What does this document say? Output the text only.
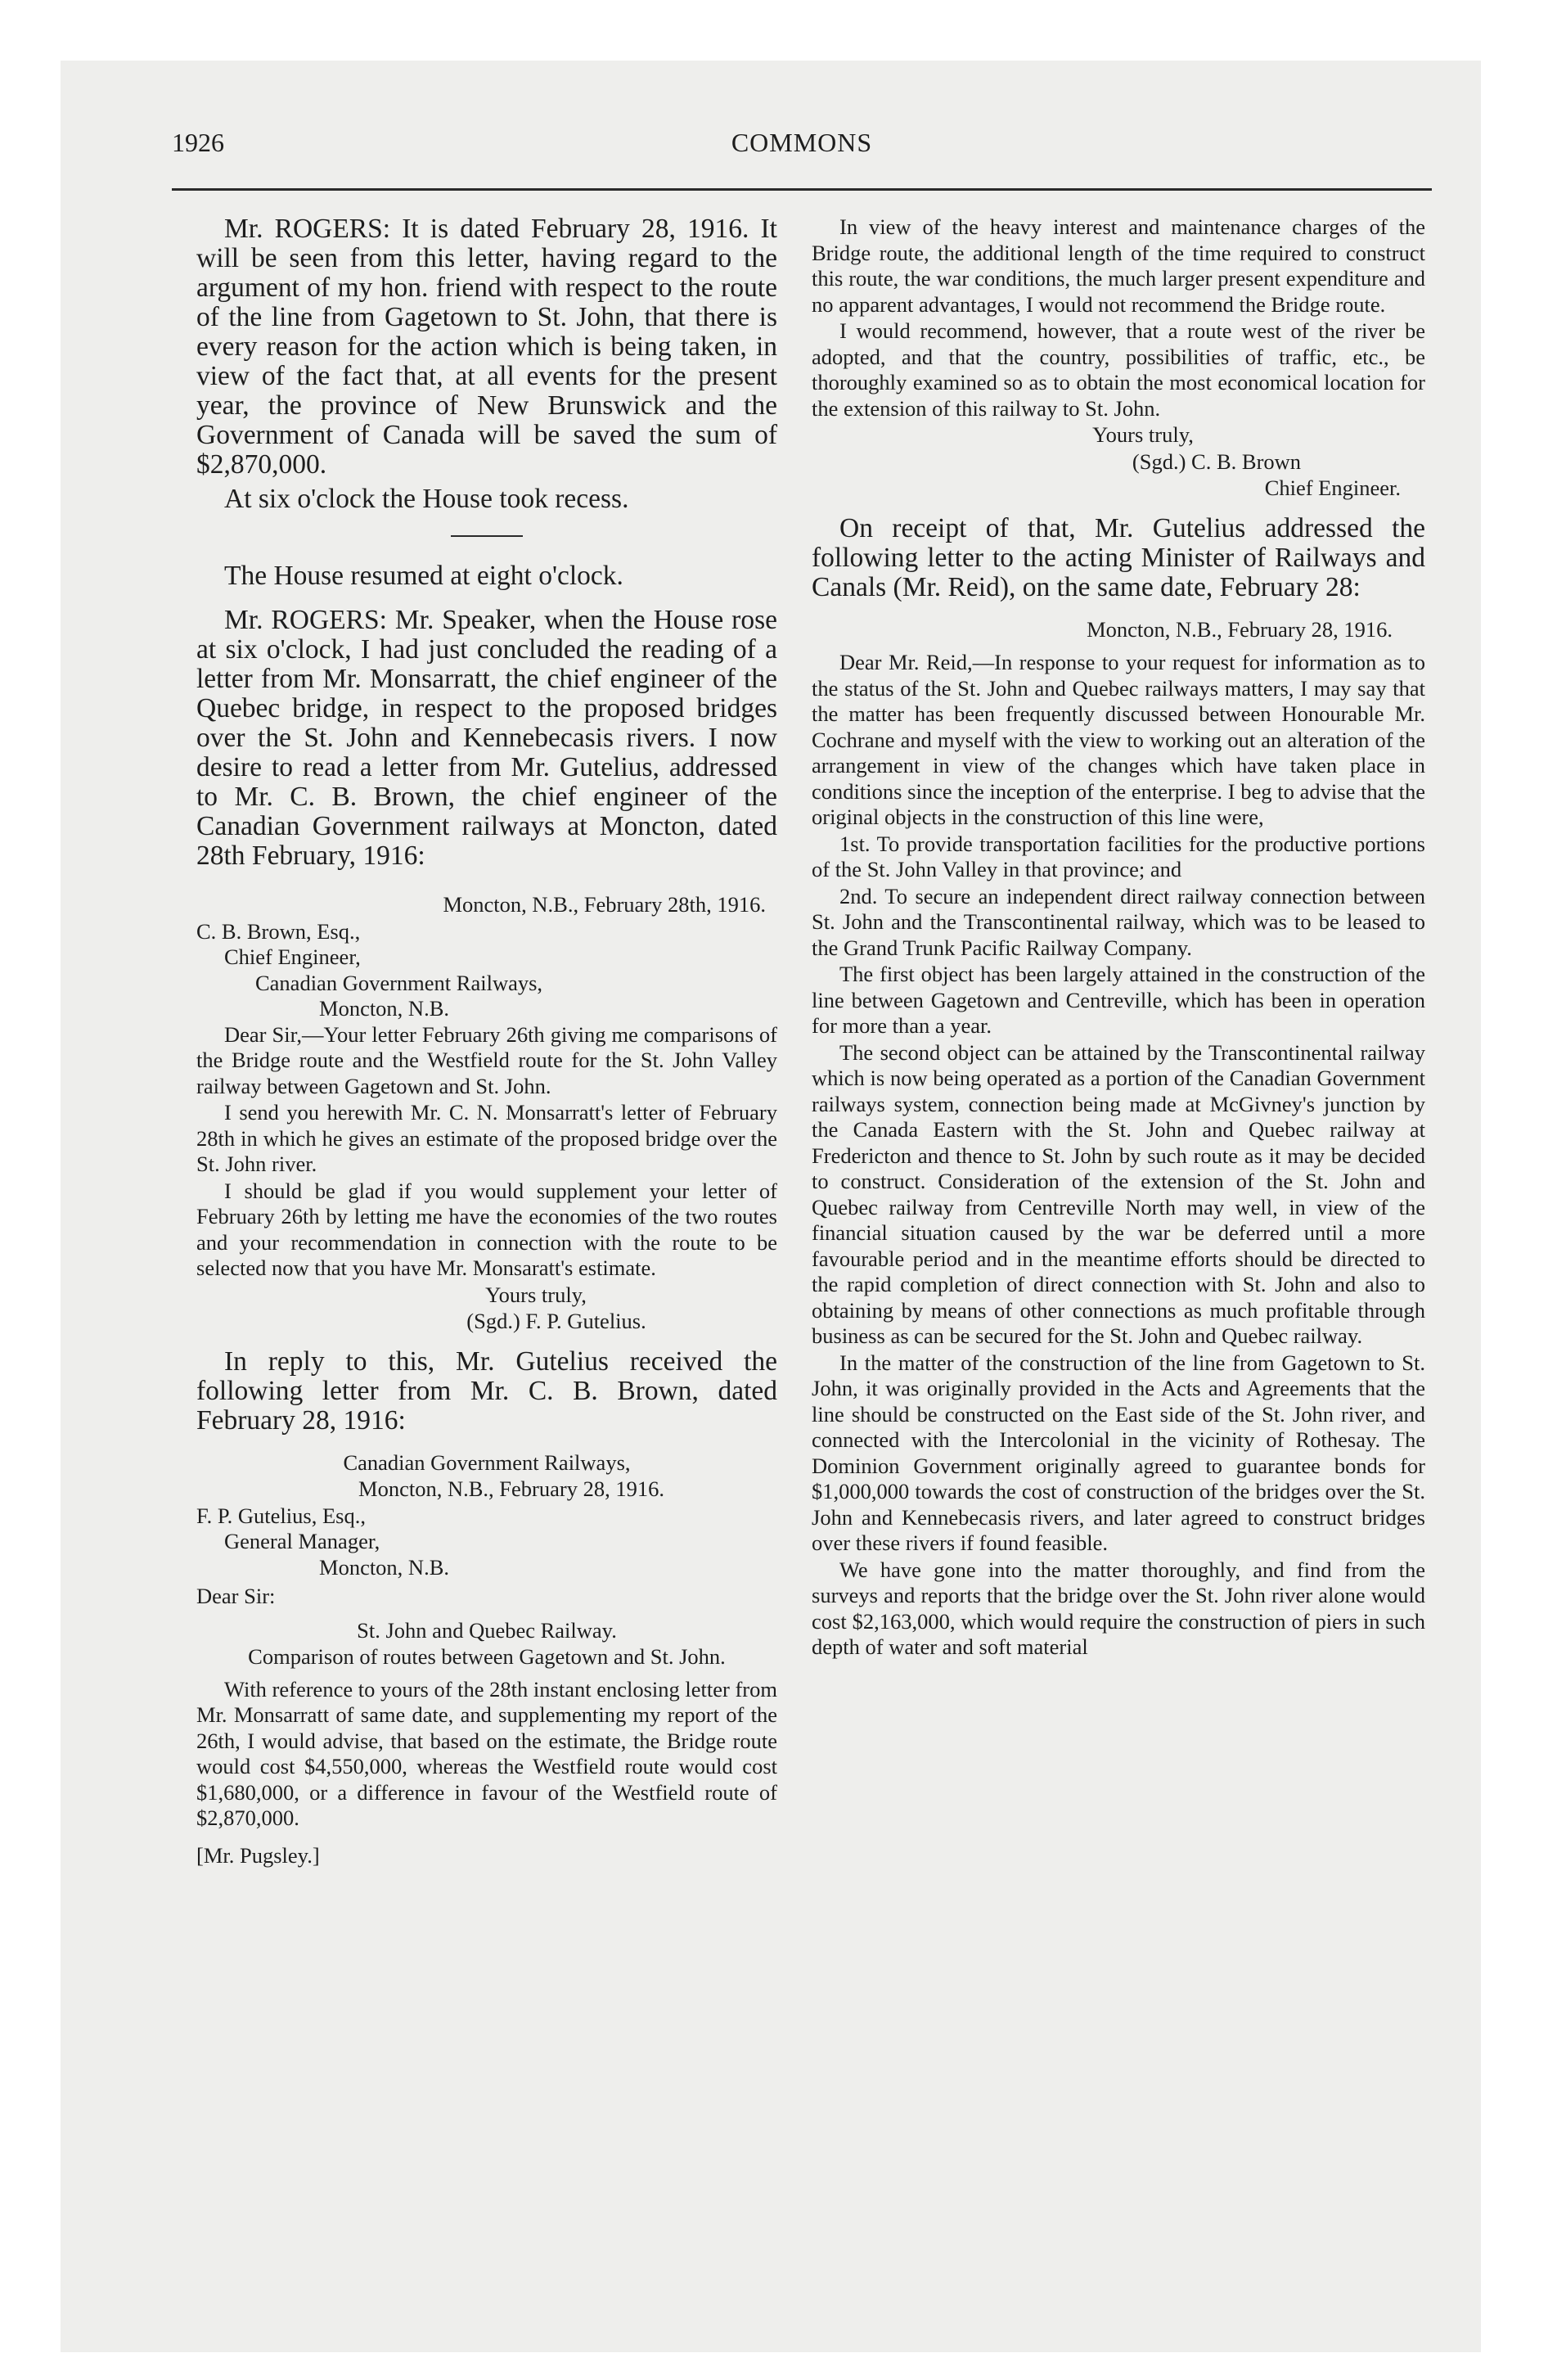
1926	COMMONS

Mr. ROGERS: It is dated February 28, 1916. It will be seen from this letter, having regard to the argument of my hon. friend with respect to the route of the line from Gagetown to St. John, that there is every reason for the action which is being taken, in view of the fact that, at all events for the present year, the province of New Brunswick and the Government of Canada will be saved the sum of $2,870,000.

At six o'clock the House took recess.

The House resumed at eight o'clock.

Mr. ROGERS: Mr. Speaker, when the House rose at six o'clock, I had just concluded the reading of a letter from Mr. Monsarratt, the chief engineer of the Quebec bridge, in respect to the proposed bridges over the St. John and Kennebecasis rivers. I now desire to read a letter from Mr. Gutelius, addressed to Mr. C. B. Brown, the chief engineer of the Canadian Government railways at Moncton, dated 28th February, 1916:

Moncton, N.B., February 28th, 1916.

C. B. Brown, Esq.,
Chief Engineer,
Canadian Government Railways,
Moncton, N.B.

Dear Sir,—Your letter February 26th giving me comparisons of the Bridge route and the Westfield route for the St. John Valley railway between Gagetown and St. John.

I send you herewith Mr. C. N. Monsarratt's letter of February 28th in which he gives an estimate of the proposed bridge over the St. John river.

I should be glad if you would supplement your letter of February 26th by letting me have the economies of the two routes and your recommendation in connection with the route to be selected now that you have Mr. Monsaratt's estimate.

Yours truly,

(Sgd.) F. P. Gutelius.

In reply to this, Mr. Gutelius received the following letter from Mr. C. B. Brown, dated February 28, 1916:

Canadian Government Railways,

Moncton, N.B., February 28, 1916.

F. P. Gutelius, Esq.,
General Manager,
Moncton, N.B.

Dear Sir:

St. John and Quebec Railway.

Comparison of routes between Gagetown and St. John.

With reference to yours of the 28th instant enclosing letter from Mr. Monsarratt of same date, and supplementing my report of the 26th, I would advise, that based on the estimate, the Bridge route would cost $4,550,000, whereas the Westfield route would cost $1,680,000, or a difference in favour of the Westfield route of $2,870,000.

[Mr. Pugsley.]

In view of the heavy interest and maintenance charges of the Bridge route, the additional length of the time required to construct this route, the war conditions, the much larger present expenditure and no apparent advantages, I would not recommend the Bridge route.

I would recommend, however, that a route west of the river be adopted, and that the country, possibilities of traffic, etc., be thoroughly examined so as to obtain the most economical location for the extension of this railway to St. John.

Yours truly,

(Sgd.) C. B. Brown

Chief Engineer.

On receipt of that, Mr. Gutelius addressed the following letter to the acting Minister of Railways and Canals (Mr. Reid), on the same date, February 28:

Moncton, N.B., February 28, 1916.

Dear Mr. Reid,—In response to your request for information as to the status of the St. John and Quebec railways matters, I may say that the matter has been frequently discussed between Honourable Mr. Cochrane and myself with the view to working out an alteration of the arrangement in view of the changes which have taken place in conditions since the inception of the enterprise. I beg to advise that the original objects in the construction of this line were,

1st. To provide transportation facilities for the productive portions of the St. John Valley in that province; and

2nd. To secure an independent direct railway connection between St. John and the Transcontinental railway, which was to be leased to the Grand Trunk Pacific Railway Company.

The first object has been largely attained in the construction of the line between Gagetown and Centreville, which has been in operation for more than a year.

The second object can be attained by the Transcontinental railway which is now being operated as a portion of the Canadian Government railways system, connection being made at McGivney's junction by the Canada Eastern with the St. John and Quebec railway at Fredericton and thence to St. John by such route as it may be decided to construct. Consideration of the extension of the St. John and Quebec railway from Centreville North may well, in view of the financial situation caused by the war be deferred until a more favourable period and in the meantime efforts should be directed to the rapid completion of direct connection with St. John and also to obtaining by means of other connections as much profitable through business as can be secured for the St. John and Quebec railway.

In the matter of the construction of the line from Gagetown to St. John, it was originally provided in the Acts and Agreements that the line should be constructed on the East side of the St. John river, and connected with the Intercolonial in the vicinity of Rothesay. The Dominion Government originally agreed to guarantee bonds for $1,000,000 towards the cost of construction of the bridges over the St. John and Kennebecasis rivers, and later agreed to construct bridges over these rivers if found feasible.

We have gone into the matter thoroughly, and find from the surveys and reports that the bridge over the St. John river alone would cost $2,163,000, which would require the construction of piers in such depth of water and soft material
